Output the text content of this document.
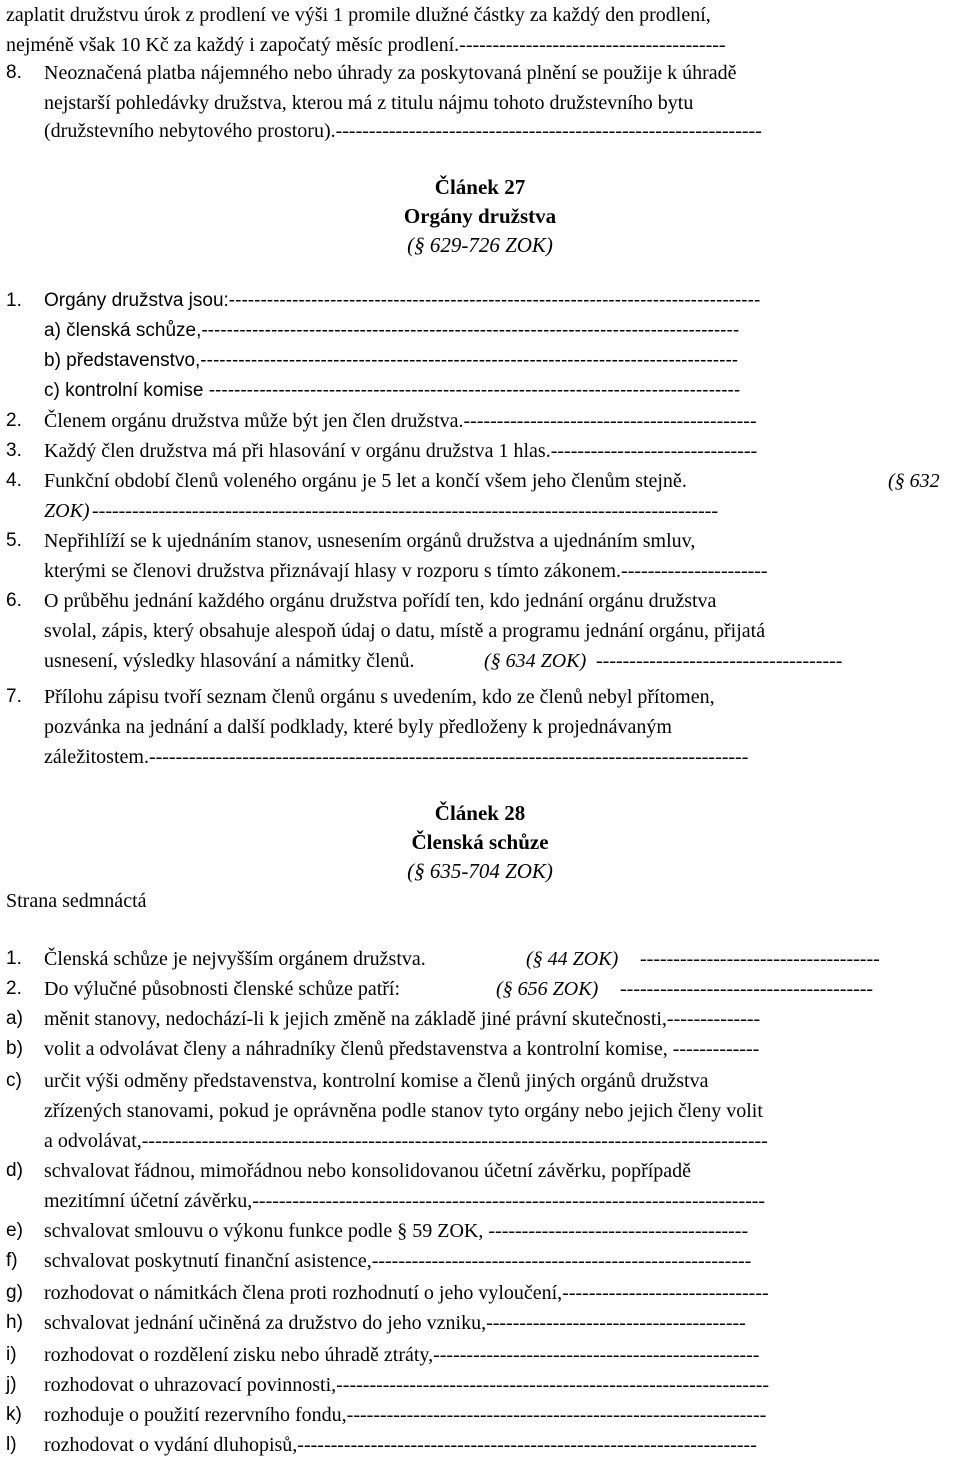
zaplatit družstvu úrok z prodlení ve výši 1 promile dlužné částky za každý den prodlení,
nejméně však 10 Kč za každý i započatý měsíc prodlení.----------------------------------------
8. Neoznačená platba nájemného nebo úhrady za poskytovaná plnění se použije k úhradě
nejstarší pohledávky družstva, kterou má z titulu nájmu tohoto družstevního bytu
(družstevního nebytového prostoru).----------------------------------------------------------------
Článek 27
Orgány družstva
(§ 629-726 ZOK)
1. Orgány družstva jsou:------------------------------------------------------------------------------------
a) členská schůze,-------------------------------------------------------------------------------------
b) představenstvo,-------------------------------------------------------------------------------------
c) kontrolní komise ------------------------------------------------------------------------------------
2. Členem orgánu družstva může být jen člen družstva.--------------------------------------------
3. Každý člen družstva má při hlasování v orgánu družstva 1 hlas.-------------------------------
4. Funkční období členů voleného orgánu je 5 let a končí všem jeho členům stejně.	(§ 632
ZOK) ----------------------------------------------------------------------------------------------
5. Nepřihlíží se k ujednáním stanov, usnesením orgánů družstva a ujednáním smluv,
kterými se členovi družstva přiznávají hlasy v rozporu s tímto zákonem.----------------------
6. O průběhu jednání každého orgánu družstva pořídí ten, kdo jednání orgánu družstva
svolal, zápis, který obsahuje alespoň údaj o datu, místě a programu jednání orgánu, přijatá
usnesení, výsledky hlasování a námitky členů.	(§ 634 ZOK) -------------------------------------
7. Přílohu zápisu tvoří seznam členů orgánu s uvedením, kdo ze členů nebyl přítomen,
pozvánka na jednání a další podklady, které byly předloženy k projednávaným
záležitostem.------------------------------------------------------------------------------------------
Článek 28
Členská schůze
(§ 635-704 ZOK)
Strana sedmnáctá
1. Členská schůze je nejvyšším orgánem družstva.	(§ 44 ZOK) ------------------------------------
2. Do výlučné působnosti členské schůze patří:	(§ 656 ZOK) --------------------------------------
a) měnit stanovy, nedochází-li k jejich změně na základě jiné právní skutečnosti,--------------
b) volit a odvolávat členy a náhradníky členů představenstva a kontrolní komise, -------------
c) určit výši odměny představenstva, kontrolní komise a členů jiných orgánů družstva
zřízených stanovami, pokud je oprávněna podle stanov tyto orgány nebo jejich členy volit
a odvolávat,----------------------------------------------------------------------------------------------
d) schvalovat řádnou, mimořádnou nebo konsolidovanou účetní závěrku, popřípadě
mezitímní účetní závěrku,-----------------------------------------------------------------------------
e) schvalovat smlouvu o výkonu funkce podle § 59 ZOK, ---------------------------------------
f) schvalovat poskytnutí finanční asistence,---------------------------------------------------------
g) rozhodovat o námitkách člena proti rozhodnutí o jeho vyloučení,-------------------------------
h) schvalovat jednání učiněná za družstvo do jeho vzniku,---------------------------------------
i) rozhodovat o rozdělení zisku nebo úhradě ztráty,-------------------------------------------------
j) rozhodovat o uhrazovací povinnosti,-----------------------------------------------------------------
k) rozhoduje o použití rezervního fondu,---------------------------------------------------------------
l) rozhodovat o vydání dluhopisů,---------------------------------------------------------------------
